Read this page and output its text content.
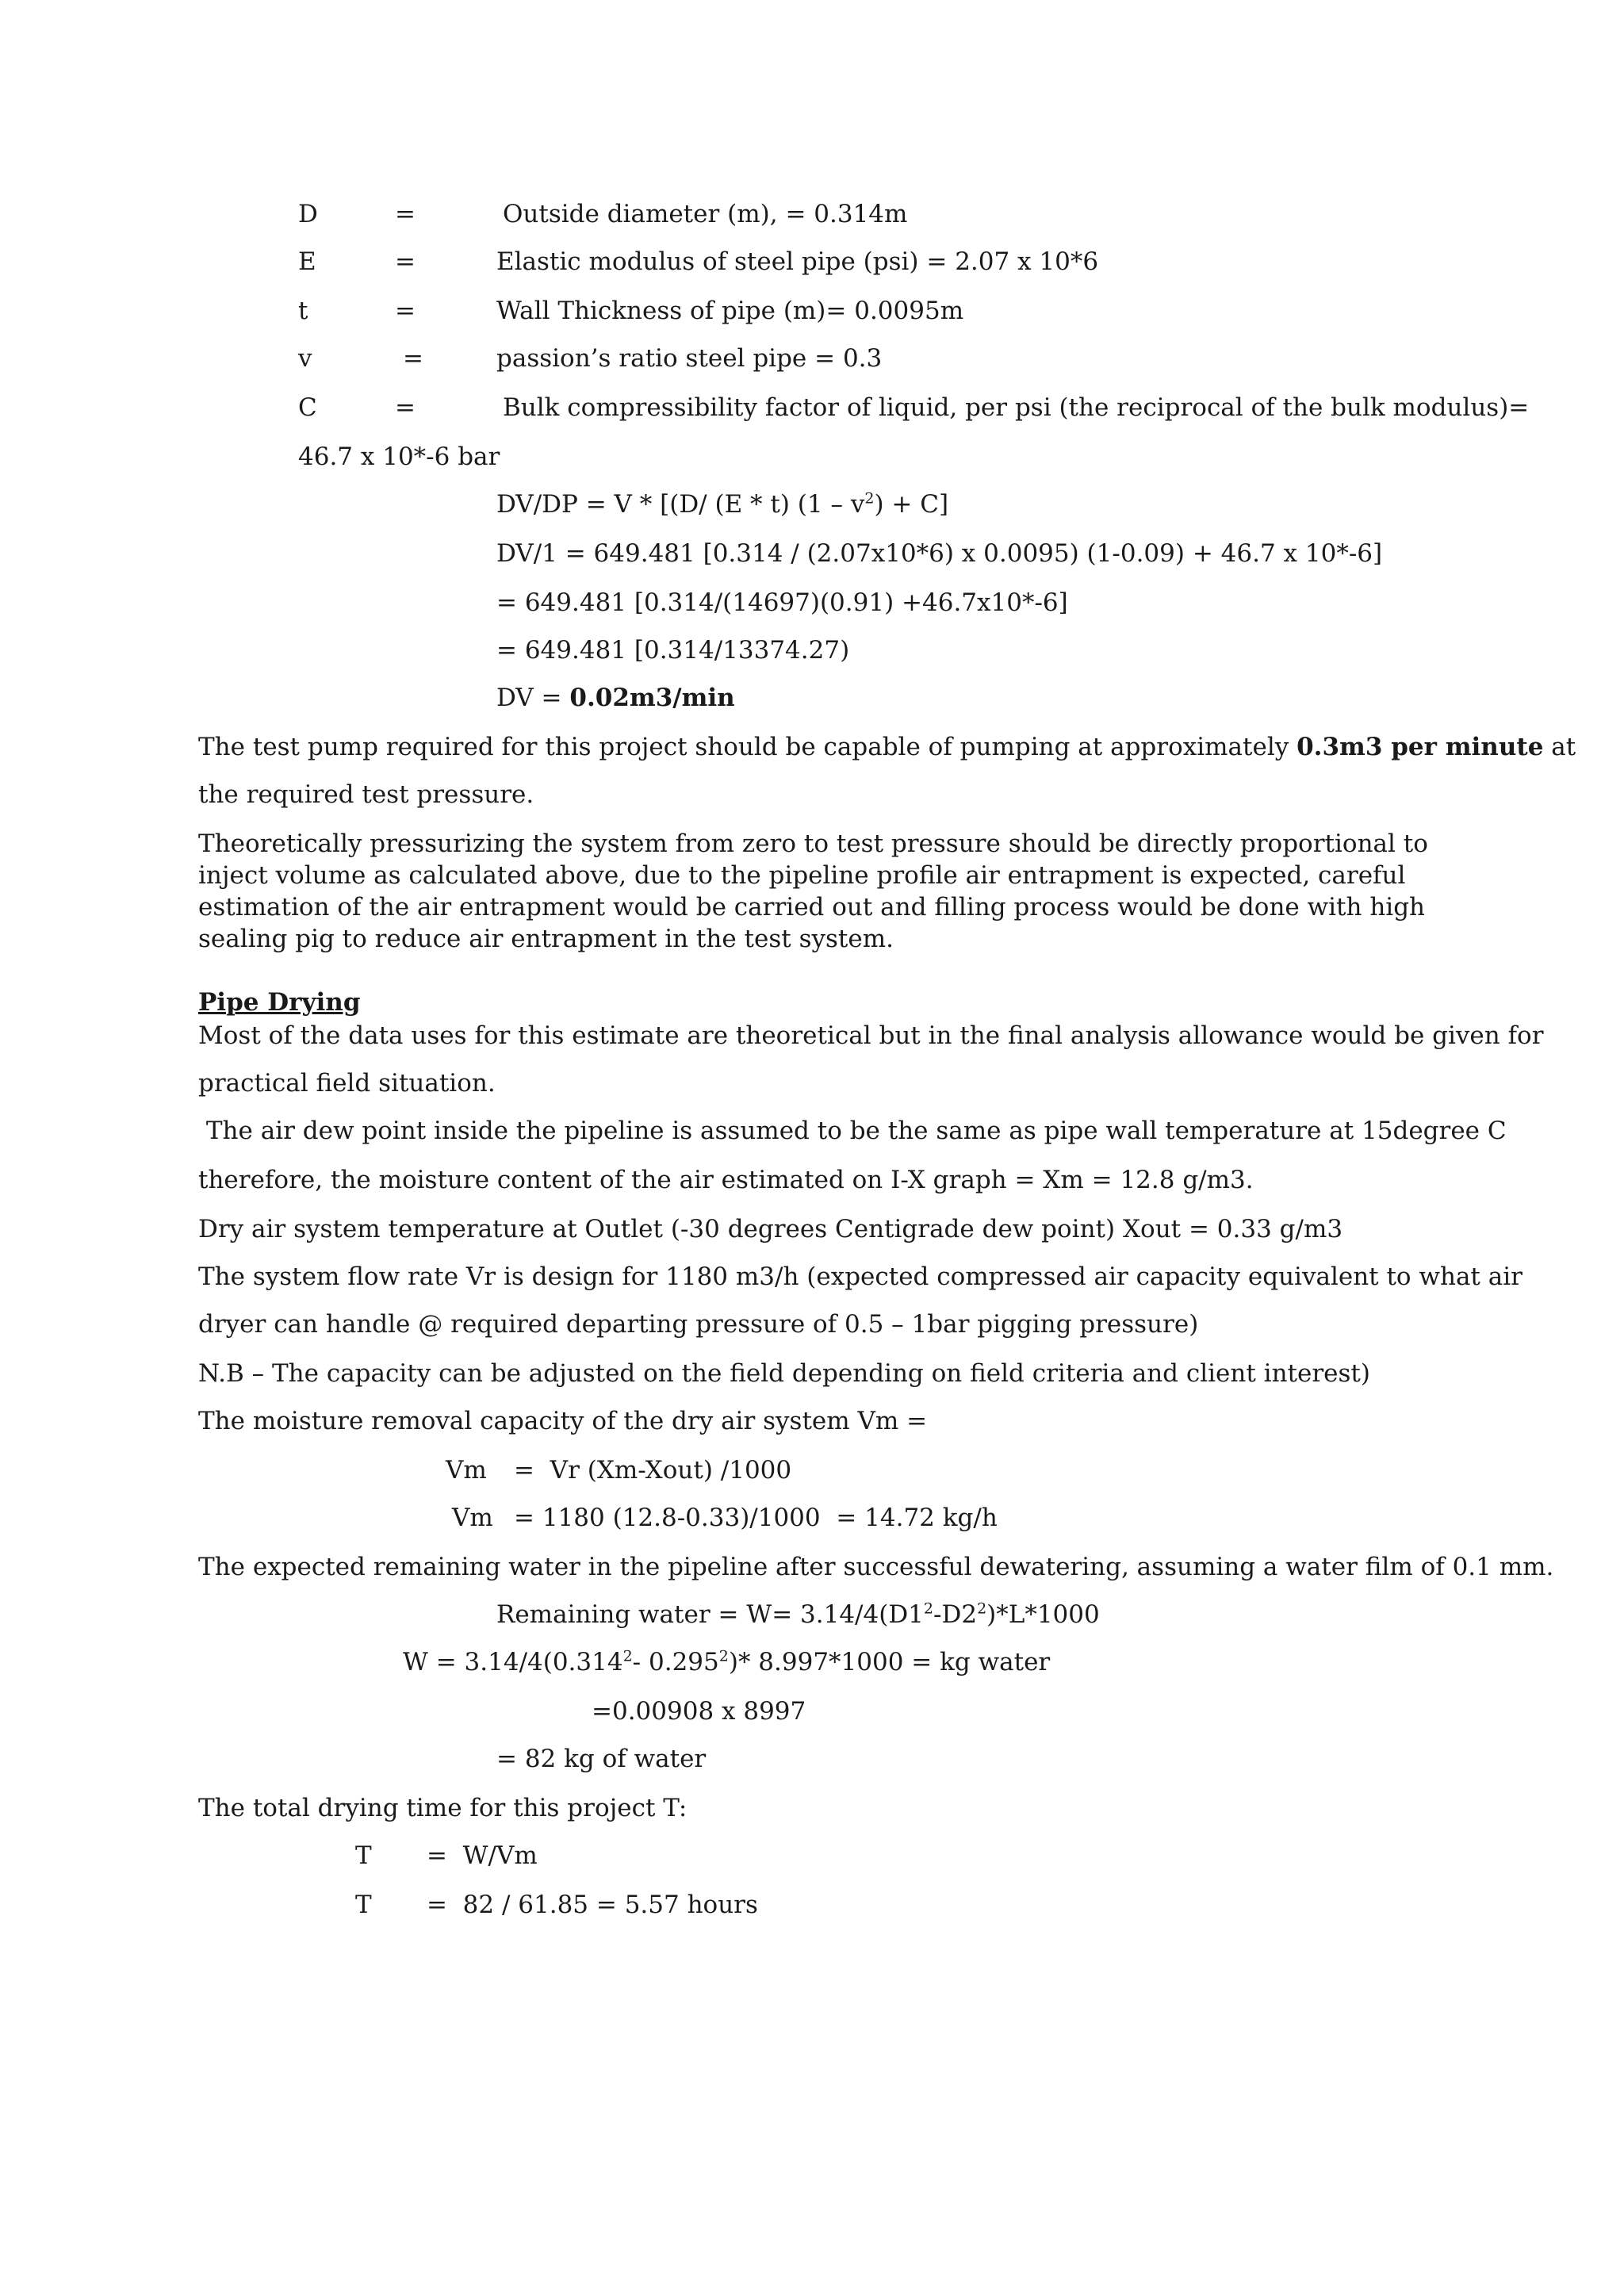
D	=	Outside diameter (m), = 0.314m
E	=	Elastic modulus of steel pipe (psi) = 2.07 x 10*6
t	=	Wall Thickness of pipe (m)= 0.0095m
v	=	passion’s ratio steel pipe = 0.3
C	=	Bulk compressibility factor of liquid, per psi (the reciprocal of the bulk modulus)=
46.7 x 10*-6 bar
DV/DP = V * [(D/ (E * t) $(1 - v^2) + C$]
DV/1 = 649.481 [0.314 / (2.07x10*6) x 0.0095) (1-0.09) + 46.7 x 10*-6]
= 649.481 [0.314/(14697)(0.91) +46.7x10*-6]
= 649.481 [0.314/13374.27)
DV = 0.02m3/min
The test pump required for this project should be capable of pumping at approximately 0.3m3 per minute at
the required test pressure.
Theoretically pressurizing the system from zero to test pressure should be directly proportional to inject volume as calculated above, due to the pipeline profile air entrapment is expected, careful estimation of the air entrapment would be carried out and filling process would be done with high sealing pig to reduce air entrapment in the test system.
Pipe Drying
Most of the data uses for this estimate are theoretical but in the final analysis allowance would be given for
practical field situation.
The air dew point inside the pipeline is assumed to be the same as pipe wall temperature at 15degree C
therefore, the moisture content of the air estimated on I-X graph = Xm = 12.8 g/m3.
Dry air system temperature at Outlet (-30 degrees Centigrade dew point) Xout = 0.33 g/m3
The system flow rate Vr is design for 1180 m3/h (expected compressed air capacity equivalent to what air
dryer can handle @ required departing pressure of 0.5 – 1bar pigging pressure)
N.B – The capacity can be adjusted on the field depending on field criteria and client interest)
The moisture removal capacity of the dry air system Vm =
Vm =  Vr (Xm-Xout) /1000
Vm = 1180 (12.8-0.33)/1000  = 14.72 kg/h
The expected remaining water in the pipeline after successful dewatering, assuming a water film of 0.1 mm.
Remaining water = $W= 3.14/4(D1^2-D2^2)*L*1000$
$W = 3.14/4(0.314^2-$ 0.295$^2$)* 8.997*1000 = kg water
=0.00908 x 8997
= 82 kg of water
The total drying time for this project T:
T =  W/Vm
T =  82 / 61.85 = 5.57 hours
